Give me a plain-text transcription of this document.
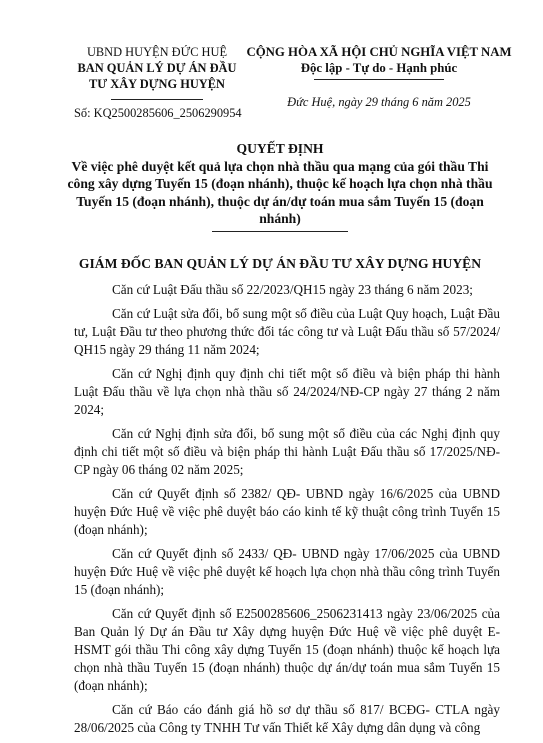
UBND HUYỆN ĐỨC HUỆ
BAN QUẢN LÝ DỰ ÁN ĐẦU
TƯ XÂY DỰNG HUYỆN
Số: KQ2500285606_2506290954
CỘNG HÒA XÃ HỘI CHỦ NGHĨA VIỆT NAM
Độc lập - Tự do - Hạnh phúc
Đức Huệ, ngày 29 tháng 6 năm 2025
QUYẾT ĐỊNH
Về việc phê duyệt kết quả lựa chọn nhà thầu qua mạng của gói thầu Thi công xây dựng Tuyến 15 (đoạn nhánh), thuộc kế hoạch lựa chọn nhà thầu Tuyến 15 (đoạn nhánh), thuộc dự án/dự toán mua sắm Tuyến 15 (đoạn nhánh)
GIÁM ĐỐC BAN QUẢN LÝ DỰ ÁN ĐẦU TƯ XÂY DỰNG HUYỆN

Căn cứ Luật Đấu thầu số 22/2023/QH15 ngày 23 tháng 6 năm 2023;

Căn cứ Luật sửa đổi, bổ sung một số điều của Luật Quy hoạch, Luật Đầu tư, Luật Đầu tư theo phương thức đối tác công tư và Luật Đấu thầu số 57/2024/ QH15 ngày 29 tháng 11 năm 2024;

Căn cứ Nghị định quy định chi tiết một số điều và biện pháp thi hành Luật Đấu thầu về lựa chọn nhà thầu số 24/2024/NĐ-CP ngày 27 tháng 2 năm 2024;

Căn cứ Nghị định sửa đổi, bổ sung một số điều của các Nghị định quy định chi tiết một số điều và biện pháp thi hành Luật Đấu thầu số 17/2025/NĐ-CP ngày 06 tháng 02 năm 2025;

Căn cứ Quyết định số 2382/ QĐ- UBND ngày 16/6/2025 của UBND huyện Đức Huệ về việc phê duyệt báo cáo kinh tế kỹ thuật công trình Tuyến 15 (đoạn nhánh);

Căn cứ Quyết định số 2433/ QĐ- UBND ngày 17/06/2025 của UBND huyện Đức Huệ về việc phê duyệt kế hoạch lựa chọn nhà thầu công trình Tuyến 15 (đoạn nhánh);

Căn cứ Quyết định số E2500285606_2506231413 ngày 23/06/2025 của Ban Quản lý Dự án Đầu tư Xây dựng huyện Đức Huệ về việc phê duyệt E-HSMT gói thầu Thi công xây dựng Tuyến 15 (đoạn nhánh) thuộc kế hoạch lựa chọn nhà thầu Tuyến 15 (đoạn nhánh) thuộc dự án/dự toán mua sắm Tuyến 15 (đoạn nhánh);

Căn cứ Báo cáo đánh giá hồ sơ dự thầu số 817/ BCĐG- CTLA ngày 28/06/2025 của Công ty TNHH Tư vấn Thiết kế Xây dựng dân dụng và công
